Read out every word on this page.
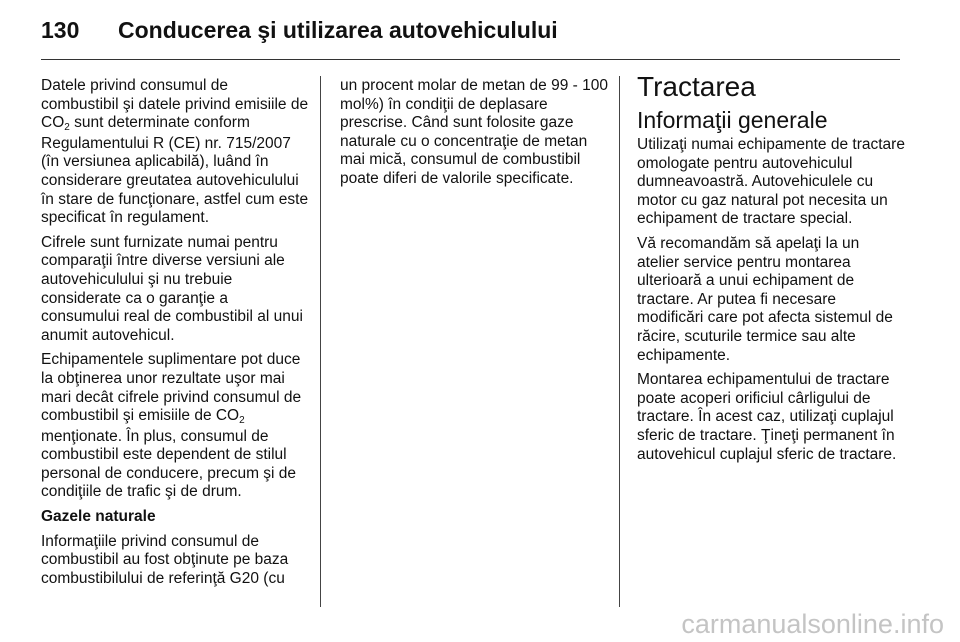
130 Conducerea şi utilizarea autovehiculului

Datele privind consumul de combustibil şi datele privind emisiile de CO2 sunt determinate conform Regulamentului R (CE) nr. 715/2007 (în versiunea aplicabilă), luând în considerare greutatea autovehiculului în stare de funcţionare, astfel cum este specificat în regulament.

Cifrele sunt furnizate numai pentru comparaţii între diverse versiuni ale autovehiculului şi nu trebuie considerate ca o garanţie a consumului real de combustibil al unui anumit autovehicul.

Echipamentele suplimentare pot duce la obţinerea unor rezultate uşor mai mari decât cifrele privind consumul de combustibil şi emisiile de CO2 menţionate. În plus, consumul de combustibil este dependent de stilul personal de conducere, precum şi de condiţiile de trafic şi de drum.

Gazele naturale

Informaţiile privind consumul de combustibil au fost obţinute pe baza combustibilului de referinţă G20 (cu

un procent molar de metan de 99 - 100 mol%) în condiţii de deplasare prescrise. Când sunt folosite gaze naturale cu o concentraţie de metan mai mică, consumul de combustibil poate diferi de valorile specificate.

Tractarea
Informaţii generale

Utilizaţi numai echipamente de tractare omologate pentru autovehiculul dumneavoastră. Autovehiculele cu motor cu gaz natural pot necesita un echipament de tractare special.

Vă recomandăm să apelaţi la un atelier service pentru montarea ulterioară a unui echipament de tractare. Ar putea fi necesare modificări care pot afecta sistemul de răcire, scuturile termice sau alte echipamente.

Montarea echipamentului de tractare poate acoperi orificiul cârligului de tractare. În acest caz, utilizaţi cuplajul sferic de tractare. Ţineţi permanent în autovehicul cuplajul sferic de tractare.

carmanualsonline.info
